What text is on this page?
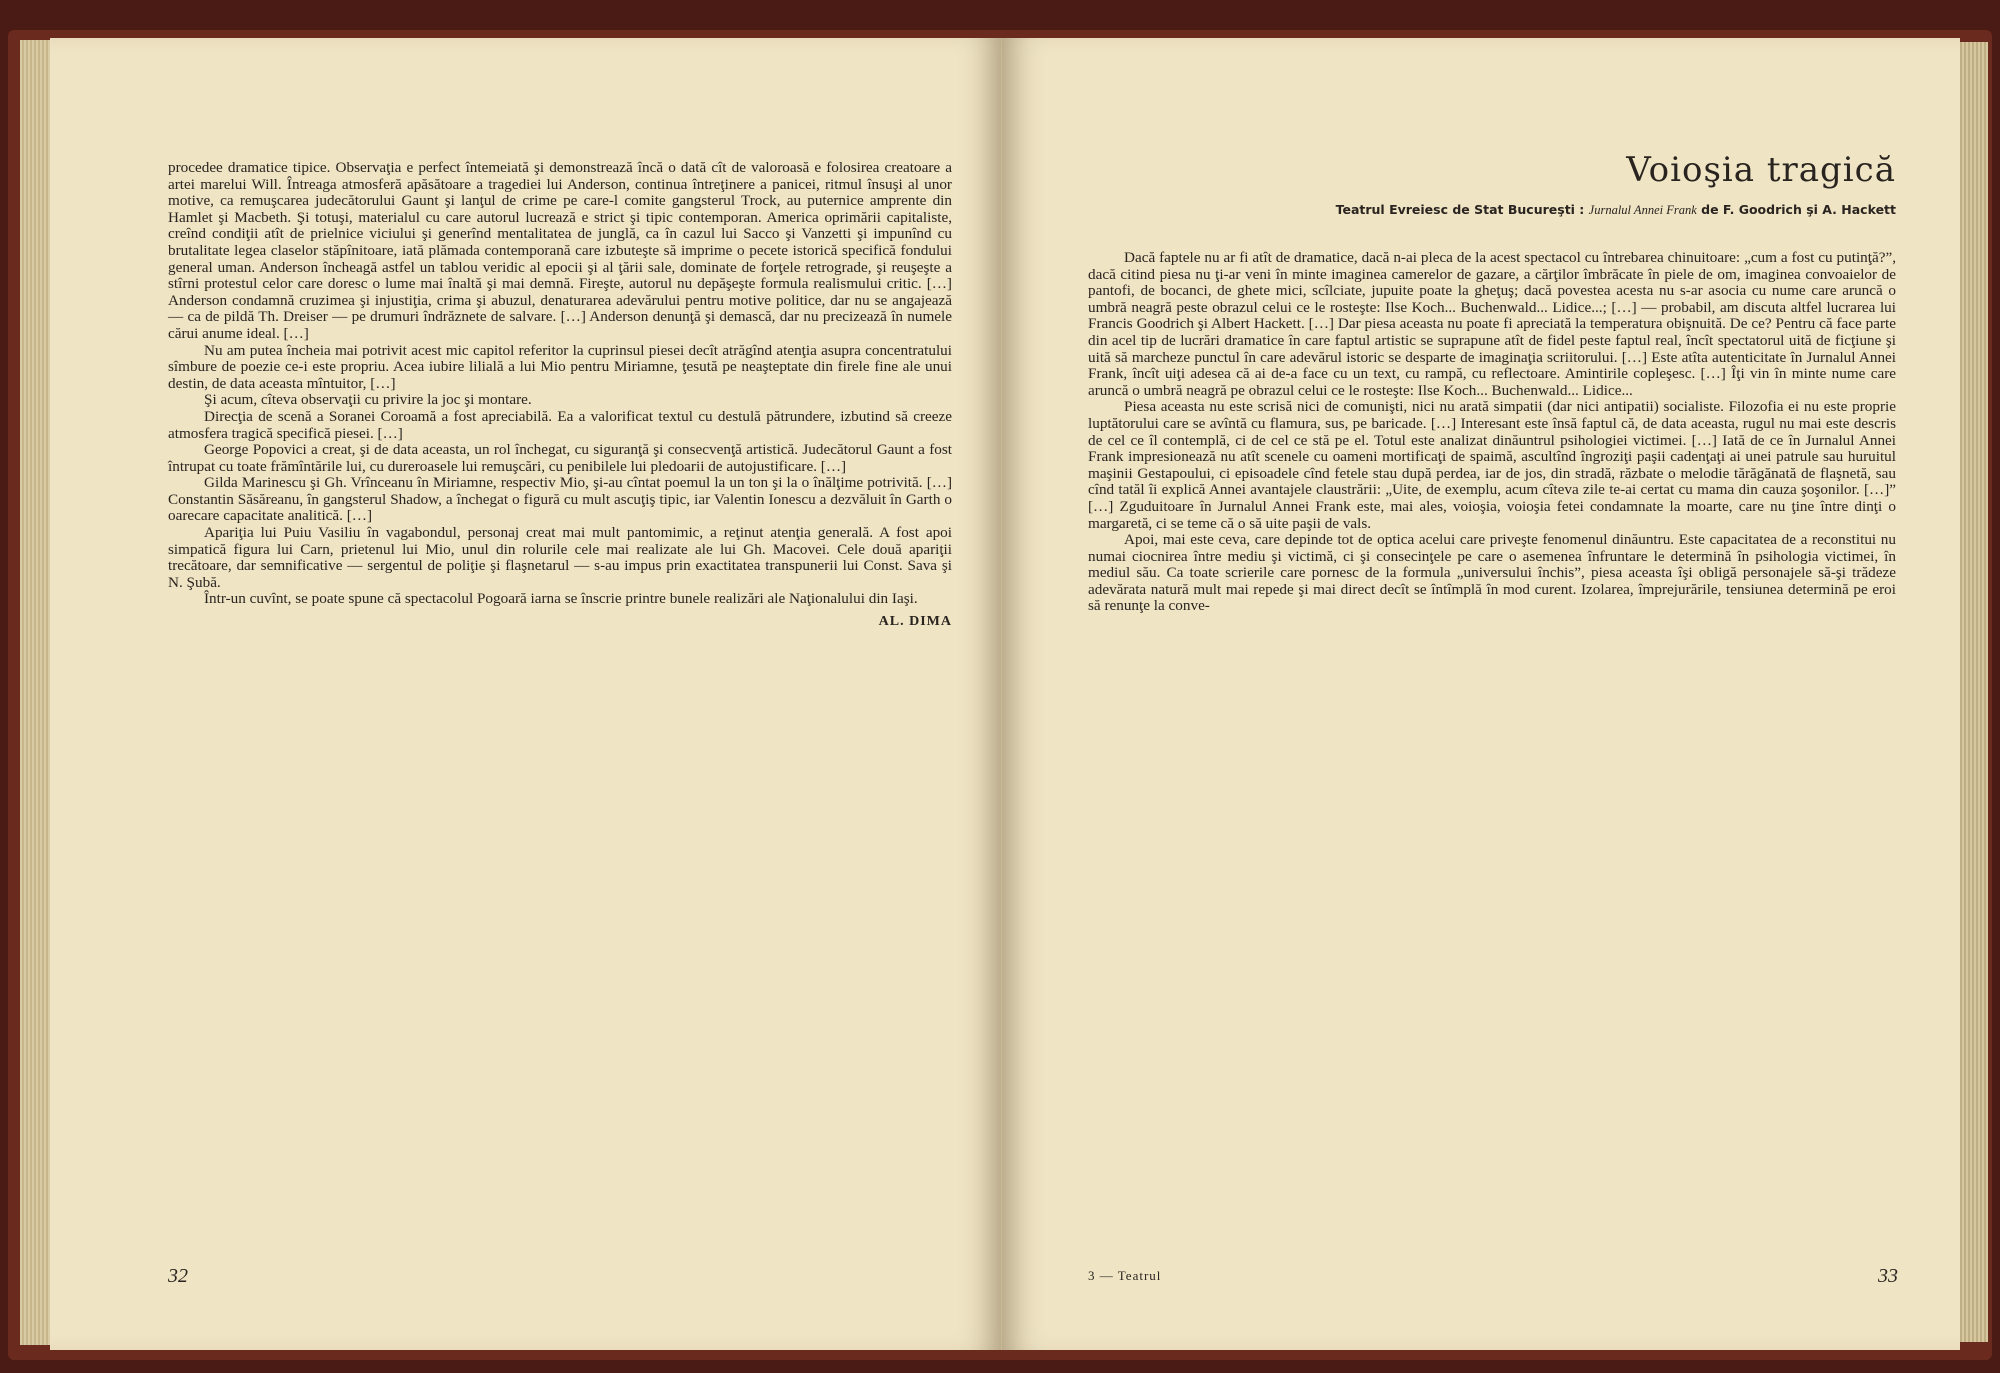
procedee dramatice tipice. Observaţia e perfect întemeiată şi demonstrează încă o dată cît de valoroasă e folosirea creatoare a artei marelui Will. Întreaga atmosferă apăsătoare a tragediei lui Anderson, continua întreţinere a panicei, ritmul însuşi al unor motive, ca remuşcarea judecătorului Gaunt şi lanţul de crime pe care-l comite gangsterul Trock, au puternice amprente din Hamlet şi Macbeth. Şi totuşi, materialul cu care autorul lucrează e strict şi tipic contemporan. America oprimării capitaliste, creînd condiţii atît de prielnice viciului şi generînd mentalitatea de junglă, ca în cazul lui Sacco şi Vanzetti şi impunînd cu brutalitate legea claselor stăpînitoare, iată plămada contemporană care izbuteşte să imprime o pecete istorică specifică fondului general uman. Anderson încheagă astfel un tablou veridic al epocii şi al ţării sale, dominate de forţele retrograde, şi reuşeşte a stîrni protestul celor care doresc o lume mai înaltă şi mai demnă. Fireşte, autorul nu depăşeşte formula realismului critic. […] Anderson condamnă cruzimea şi injustiţia, crima şi abuzul, denaturarea adevărului pentru motive politice, dar nu se angajează — ca de pildă Th. Dreiser — pe drumuri îndrăznete de salvare. […] Anderson denunţă şi demască, dar nu precizează în numele cărui anume ideal. […]

Nu am putea încheia mai potrivit acest mic capitol referitor la cuprinsul piesei decît atrăgînd atenţia asupra concentratului sîmbure de poezie ce-i este propriu. Acea iubire lilială a lui Mio pentru Miriamne, ţesută pe neaşteptate din firele fine ale unui destin, de data aceasta mîntuitor, […]

Şi acum, cîteva observaţii cu privire la joc şi montare.

Direcţia de scenă a Soranei Coroamă a fost apreciabilă. Ea a valorificat textul cu destulă pătrundere, izbutind să creeze atmosfera tragică specifică piesei. […]

George Popovici a creat, şi de data aceasta, un rol închegat, cu siguranţă şi consecvenţă artistică. Judecătorul Gaunt a fost întrupat cu toate frămîntările lui, cu dureroasele lui remuşcări, cu penibilele lui pledoarii de autojustificare. […]

Gilda Marinescu şi Gh. Vrînceanu în Miriamne, respectiv Mio, şi-au cîntat poemul la un ton şi la o înălţime potrivită. […] Constantin Săsăreanu, în gangsterul Shadow, a închegat o figură cu mult ascuţiş tipic, iar Valentin Ionescu a dezvăluit în Garth o oarecare capacitate analitică. […]

Apariţia lui Puiu Vasiliu în vagabondul, personaj creat mai mult pantomimic, a reţinut atenţia generală. A fost apoi simpatică figura lui Carn, prietenul lui Mio, unul din rolurile cele mai realizate ale lui Gh. Macovei. Cele două apariţii trecătoare, dar semnificative — sergentul de poliţie şi flaşnetarul — s-au impus prin exactitatea transpunerii lui Const. Sava şi N. Şubă.

Într-un cuvînt, se poate spune că spectacolul Pogoară iarna se înscrie printre bunele realizări ale Naţionalului din Iaşi.

AL. DIMA
32
Voioşia tragică
Teatrul Evreiesc de Stat Bucureşti : Jurnalul Annei Frank de F. Goodrich şi A. Hackett

Dacă faptele nu ar fi atît de dramatice, dacă n-ai pleca de la acest spectacol cu întrebarea chinuitoare: „cum a fost cu putinţă?”, dacă citind piesa nu ţi-ar veni în minte imaginea camerelor de gazare, a cărţilor îmbrăcate în piele de om, imaginea convoaielor de pantofi, de bocanci, de ghete mici, scîlciate, jupuite poate la gheţuş; dacă povestea acesta nu s-ar asocia cu nume care aruncă o umbră neagră peste obrazul celui ce le rosteşte: Ilse Koch... Buchenwald... Lidice...; […] — probabil, am discuta altfel lucrarea lui Francis Goodrich şi Albert Hackett. […] Dar piesa aceasta nu poate fi apreciată la temperatura obişnuită. De ce? Pentru că face parte din acel tip de lucrări dramatice în care faptul artistic se suprapune atît de fidel peste faptul real, încît spectatorul uită de ficţiune şi uită să marcheze punctul în care adevărul istoric se desparte de imaginaţia scriitorului. […] Este atîta autenticitate în Jurnalul Annei Frank, încît uiţi adesea că ai de-a face cu un text, cu rampă, cu reflectoare. Amintirile copleşesc. […] Îţi vin în minte nume care aruncă o umbră neagră pe obrazul celui ce le rosteşte: Ilse Koch... Buchenwald... Lidice...

Piesa aceasta nu este scrisă nici de comunişti, nici nu arată simpatii (dar nici antipatii) socialiste. Filozofia ei nu este proprie luptătorului care se avîntă cu flamura, sus, pe baricade. […] Interesant este însă faptul că, de data aceasta, rugul nu mai este descris de cel ce îl contemplă, ci de cel ce stă pe el. Totul este analizat dinăuntrul psihologiei victimei. […] Iată de ce în Jurnalul Annei Frank impresionează nu atît scenele cu oameni mortificaţi de spaimă, ascultînd îngroziţi paşii cadenţaţi ai unei patrule sau huruitul maşinii Gestapoului, ci episoadele cînd fetele stau după perdea, iar de jos, din stradă, răzbate o melodie tărăgănată de flaşnetă, sau cînd tatăl îi explică Annei avantajele claustrării: „Uite, de exemplu, acum cîteva zile te-ai certat cu mama din cauza şoşonilor. […]” […] Zguduitoare în Jurnalul Annei Frank este, mai ales, voioşia, voioşia fetei condamnate la moarte, care nu ţine între dinţi o margaretă, ci se teme că o să uite paşii de vals.

Apoi, mai este ceva, care depinde tot de optica acelui care priveşte fenomenul dinăuntru. Este capacitatea de a reconstitui nu numai ciocnirea între mediu şi victimă, ci şi consecinţele pe care o asemenea înfruntare le determină în psihologia victimei, în mediul său. Ca toate scrierile care pornesc de la formula „universului închis”, piesa aceasta îşi obligă personajele să-şi trădeze adevărata natură mult mai repede şi mai direct decît se întîmplă în mod curent. Izolarea, împrejurările, tensiunea determină pe eroi să renunţe la conve-

3 — Teatrul	33
